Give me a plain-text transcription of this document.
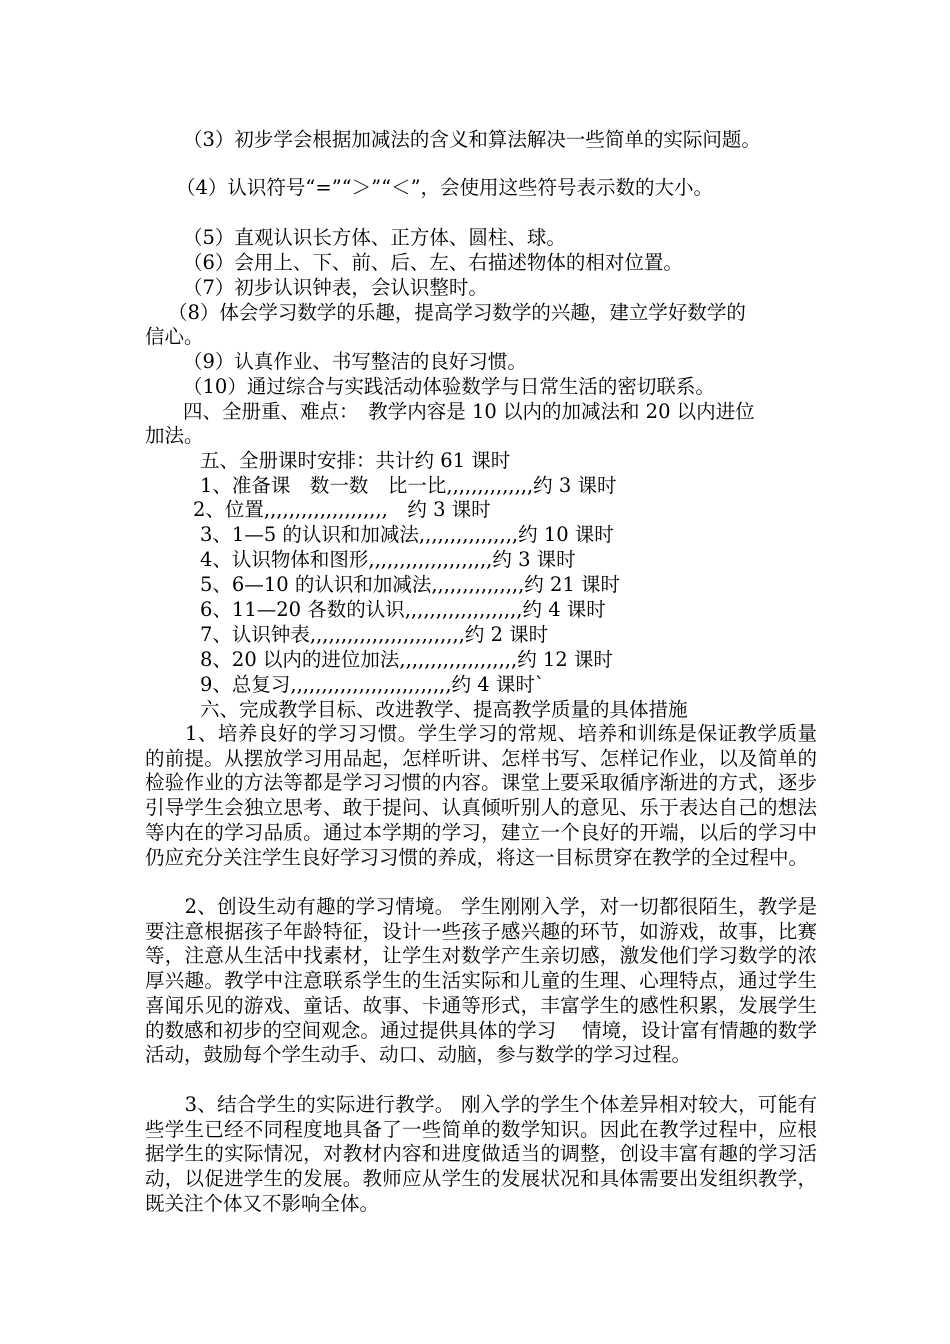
（3）初步学会根据加减法的含义和算法解决一些简单的实际问题。
（4）认识符号“=”“＞”“＜”，会使用这些符号表示数的大小。
（5）直观认识长方体、正方体、圆柱、球。
（6）会用上、下、前、后、左、右描述物体的相对位置。
（7）初步认识钟表，会认识整时。
（8）体会学习数学的乐趣，提高学习数学的兴趣，建立学好数学的
信心。
（9）认真作业、书写整洁的良好习惯。
（10）通过综合与实践活动体验数学与日常生活的密切联系。
四、全册重、难点：　教学内容是 10 以内的加减法和 20 以内进位
加法。
五、全册课时安排：共计约 61 课时
1、准备课　数一数　比一比,,,,,,,,,,,,,,约 3 课时
2、位置,,,,,,,,,,,,,,,,,,,,　约 3 课时
3、1—5 的认识和加减法,,,,,,,,,,,,,,,,约 10 课时
4、认识物体和图形,,,,,,,,,,,,,,,,,,,,约 3 课时
5、6—10 的认识和加减法,,,,,,,,,,,,,,,约 21 课时
6、11—20 各数的认识,,,,,,,,,,,,,,,,,,,约 4 课时
7、认识钟表,,,,,,,,,,,,,,,,,,,,,,,,,约 2 课时
8、20 以内的进位加法,,,,,,,,,,,,,,,,,,,约 12 课时
9、总复习,,,,,,,,,,,,,,,,,,,,,,,,,,约 4 课时`
六、完成教学目标、改进教学、提高教学质量的具体措施
　　1、培养良好的学习习惯。学生学习的常规、培养和训练是保证教学质量的前提。从摆放学习用品起，怎样听讲、怎样书写、怎样记作业，以及简单的检验作业的方法等都是学习习惯的内容。课堂上要采取循序渐进的方式，逐步引导学生会独立思考、敢于提问、认真倾听别人的意见、乐于表达自己的想法等内在的学习品质。通过本学期的学习，建立一个良好的开端，以后的学习中仍应充分关注学生良好学习习惯的养成，将这一目标贯穿在教学的全过程中。
　　2、创设生动有趣的学习情境。 学生刚刚入学，对一切都很陌生，教学是要注意根据孩子年龄特征，设计一些孩子感兴趣的环节，如游戏，故事，比赛等，注意从生活中找素材，让学生对数学产生亲切感，激发他们学习数学的浓厚兴趣。教学中注意联系学生的生活实际和儿童的生理、心理特点，通过学生喜闻乐见的游戏、童话、故事、卡通等形式，丰富学生的感性积累，发展学生的数感和初步的空间观念。通过提供具体的学习　 情境，设计富有情趣的数学活动，鼓励每个学生动手、动口、动脑，参与数学的学习过程。
　　3、结合学生的实际进行教学。 刚入学的学生个体差异相对较大，可能有些学生已经不同程度地具备了一些简单的数学知识。因此在教学过程中，应根据学生的实际情况，对教材内容和进度做适当的调整，创设丰富有趣的学习活动，以促进学生的发展。教师应从学生的发展状况和具体需要出发组织教学，既关注个体又不影响全体。
